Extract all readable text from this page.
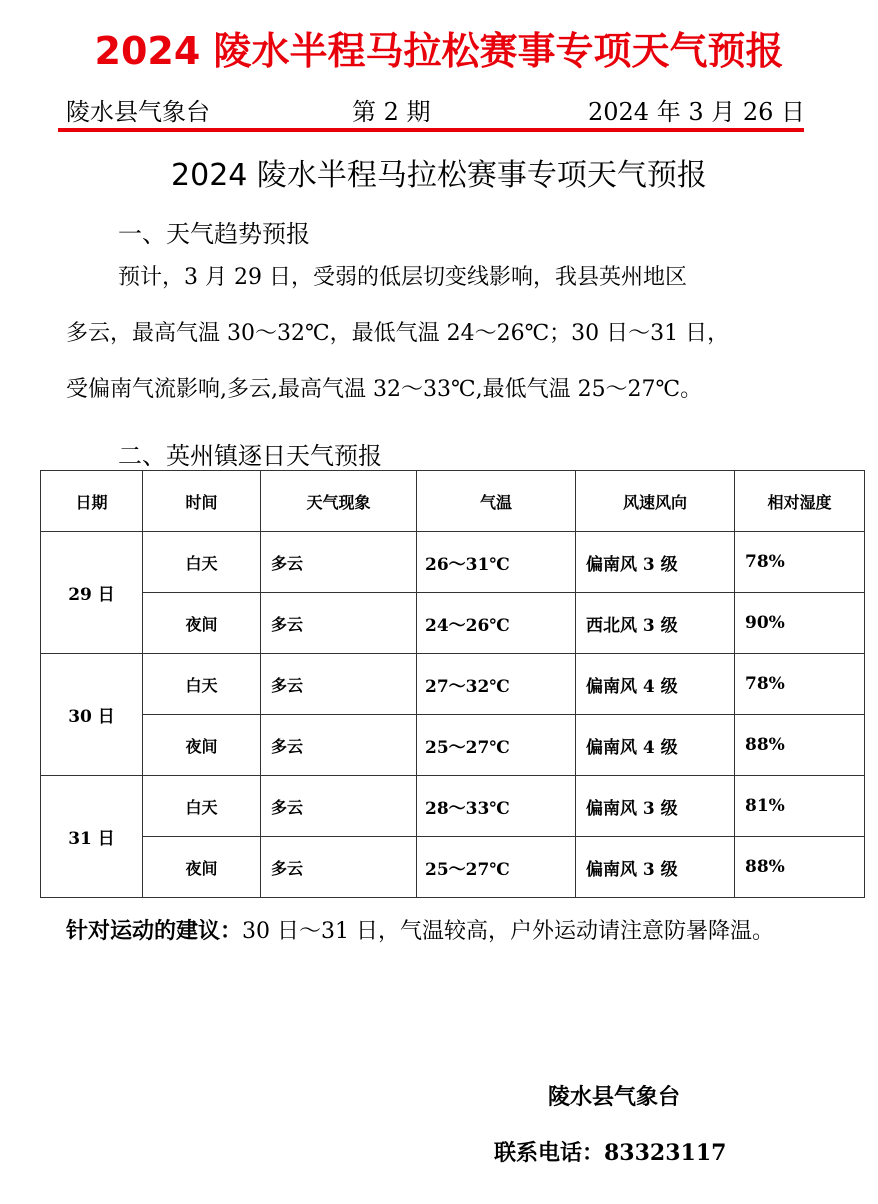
2024 陵水半程马拉松赛事专项天气预报
陵水县气象台	第 2 期	2024 年 3 月 26 日
2024 陵水半程马拉松赛事专项天气预报
一、天气趋势预报
预计，3 月 29 日，受弱的低层切变线影响，我县英州地区
多云，最高气温 30～32℃，最低气温 24～26℃；30 日～31 日，
受偏南气流影响,多云,最高气温 32～33℃,最低气温 25～27℃。
二、英州镇逐日天气预报
日期	时间	天气现象	气温	风速风向	相对湿度
29 日	白天	多云	26～31℃	偏南风 3 级	78%
	夜间	多云	24～26℃	西北风 3 级	90%
30 日	白天	多云	27～32℃	偏南风 4 级	78%
	夜间	多云	25～27℃	偏南风 4 级	88%
31 日	白天	多云	28～33℃	偏南风 3 级	81%
	夜间	多云	25～27℃	偏南风 3 级	88%
针对运动的建议：30 日～31 日，气温较高，户外运动请注意防暑降温。
陵水县气象台
联系电话：83323117
